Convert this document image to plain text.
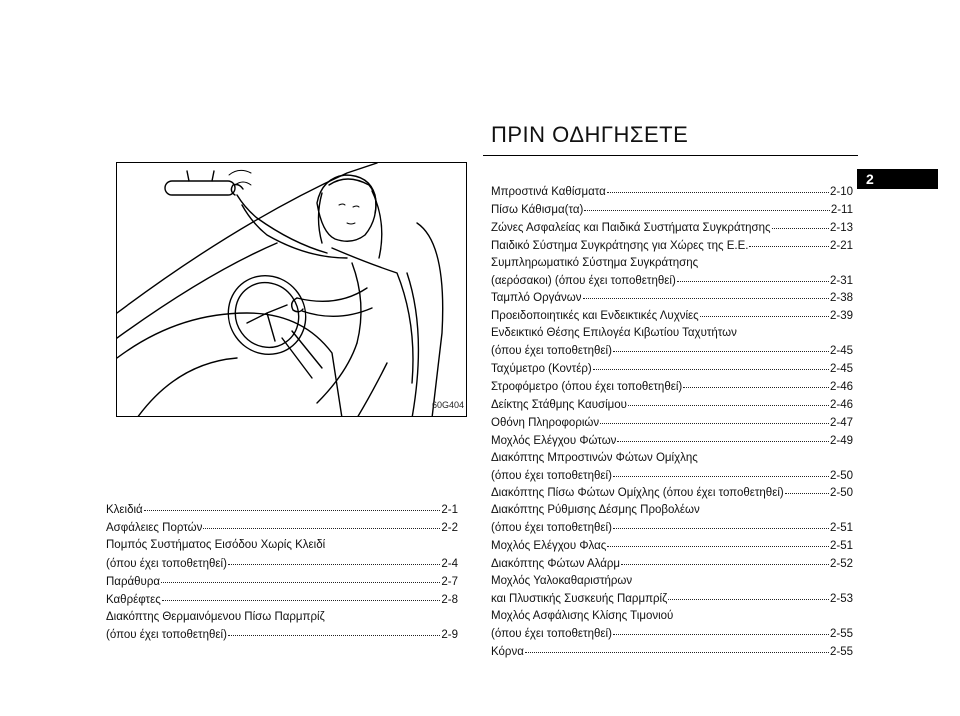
ΠΡΙΝ ΟΔΗΓΗΣΕΤΕ
2
60G404
Κλειδιά	2-1
Ασφάλειες Πορτών	2-2
Πομπός Συστήματος Εισόδου Χωρίς Κλειδί
(όπου έχει τοποθετηθεί)	2-4
Παράθυρα	2-7
Καθρέφτες	2-8
Διακόπτης Θερμαινόμενου Πίσω Παρμπρίζ
(όπου έχει τοποθετηθεί)	2-9
Μπροστινά Καθίσματα	2-10
Πίσω Κάθισμα(τα)	2-11
Ζώνες Ασφαλείας και Παιδικά Συστήματα Συγκράτησης	2-13
Παιδικό Σύστημα Συγκράτησης για Χώρες της Ε.Ε.	2-21
Συμπληρωματικό Σύστημα Συγκράτησης
(αερόσακοι) (όπου έχει τοποθετηθεί)	2-31
Ταμπλό Οργάνων	2-38
Προειδοποιητικές και Ενδεικτικές Λυχνίες	2-39
Ενδεικτικό Θέσης Επιλογέα Κιβωτίου Ταχυτήτων
(όπου έχει τοποθετηθεί)	2-45
Ταχύμετρο (Κοντέρ)	2-45
Στροφόμετρο (όπου έχει τοποθετηθεί)	2-46
Δείκτης Στάθμης Καυσίμου	2-46
Οθόνη Πληροφοριών	2-47
Μοχλός Ελέγχου Φώτων	2-49
Διακόπτης Μπροστινών Φώτων Ομίχλης
(όπου έχει τοποθετηθεί)	2-50
Διακόπτης Πίσω Φώτων Ομίχλης (όπου έχει τοποθετηθεί)	2-50
Διακόπτης Ρύθμισης Δέσμης Προβολέων
(όπου έχει τοποθετηθεί)	2-51
Μοχλός Ελέγχου Φλας	2-51
Διακόπτης Φώτων Αλάρμ	2-52
Μοχλός Υαλοκαθαριστήρων
και Πλυστικής Συσκευής Παρμπρίζ	2-53
Μοχλός Ασφάλισης Κλίσης Τιμονιού
(όπου έχει τοποθετηθεί)	2-55
Κόρνα	2-55
